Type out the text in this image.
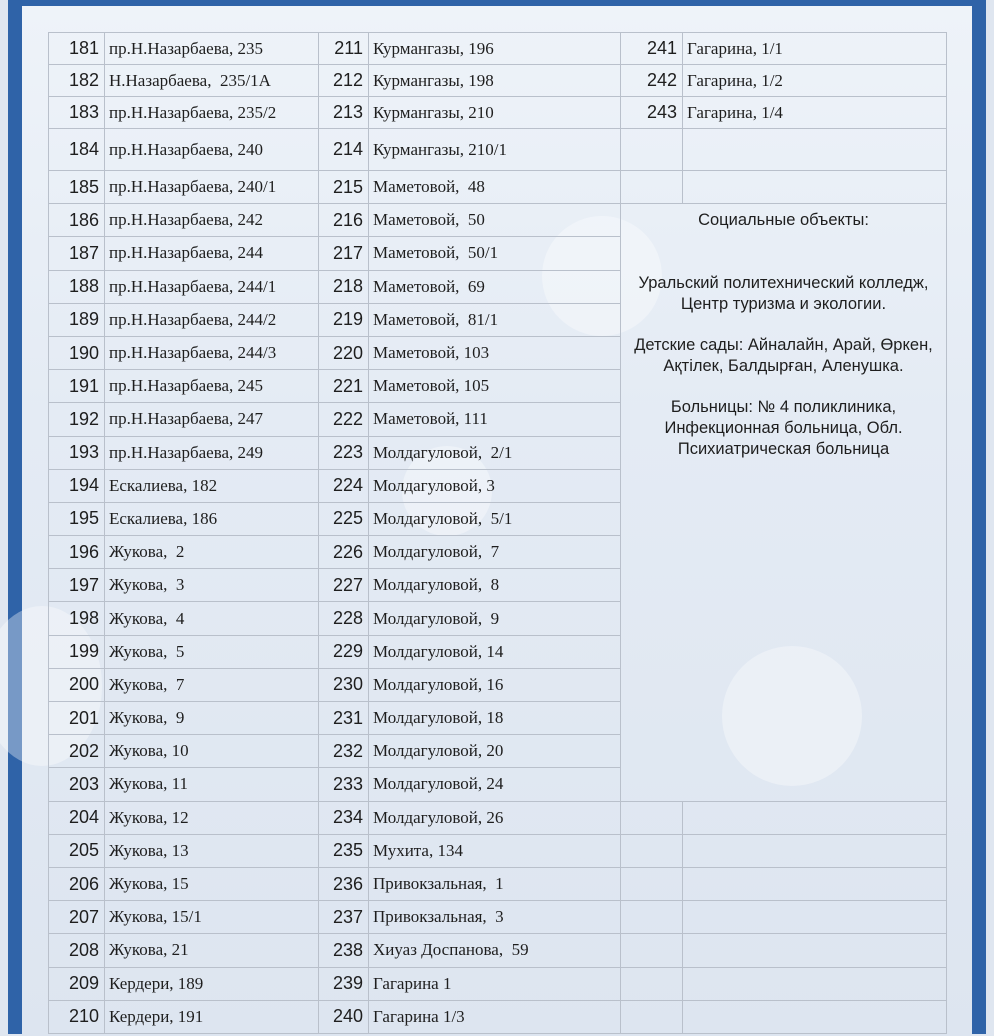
181	пр.Н.Назарбаева, 235	211	Курмангазы, 196	241	Гагарина, 1/1
182	Н.Назарбаева,  235/1А	212	Курмангазы, 198	242	Гагарина, 1/2
183	пр.Н.Назарбаева, 235/2	213	Курмангазы, 210	243	Гагарина, 1/4
184	пр.Н.Назарбаева, 240	214	Курмангазы, 210/1		
185	пр.Н.Назарбаева, 240/1	215	Маметовой,  48		
186	пр.Н.Назарбаева, 242	216	Маметовой,  50	Социальные объекты:

Уральский политехнический колледж, Центр туризма и экологии.

Детские сады: Айналайн, Арай, Өркен, Ақтілек, Балдырған, Аленушка.

Больницы: № 4 поликлиника, Инфекционная больница, Обл. Психиатрическая больница	

187	пр.Н.Назарбаева, 244	217	Маметовой,  50/1		
188	пр.Н.Назарбаева, 244/1	218	Маметовой,  69		
189	пр.Н.Назарбаева, 244/2	219	Маметовой,  81/1		
190	пр.Н.Назарбаева, 244/3	220	Маметовой, 103		
191	пр.Н.Назарбаева, 245	221	Маметовой, 105		
192	пр.Н.Назарбаева, 247	222	Маметовой, 111		
193	пр.Н.Назарбаева, 249	223	Молдагуловой,  2/1		
194	Ескалиева, 182	224	Молдагуловой, 3		
195	Ескалиева, 186	225	Молдагуловой,  5/1		
196	Жукова,  2	226	Молдагуловой,  7		
197	Жукова,  3	227	Молдагуловой,  8		
198	Жукова,  4	228	Молдагуловой,  9		
199	Жукова,  5	229	Молдагуловой, 14		
200	Жукова,  7	230	Молдагуловой, 16		
201	Жукова,  9	231	Молдагуловой, 18		
202	Жукова, 10	232	Молдагуловой, 20		
203	Жукова, 11	233	Молдагуловой, 24		
204	Жукова, 12	234	Молдагуловой, 26		
205	Жукова, 13	235	Мухита, 134		
206	Жукова, 15	236	Привокзальная,  1		
207	Жукова, 15/1	237	Привокзальная,  3		
208	Жукова, 21	238	Хиуаз Доспанова,  59		
209	Кердери, 189	239	Гагарина 1		
210	Кердери, 191	240	Гагарина 1/3		
